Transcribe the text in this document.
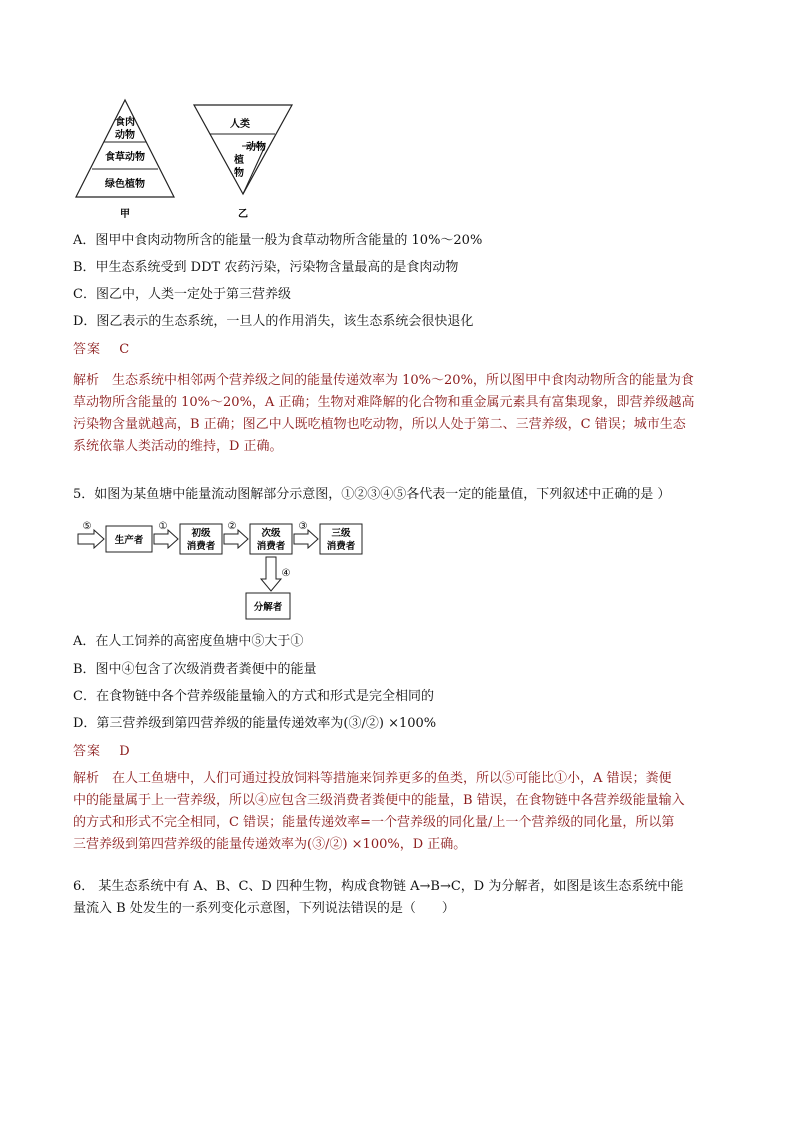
食肉
动物
食草动物
绿色植物
甲
人类
动物
植
物
乙
A．图甲中食肉动物所含的能量一般为食草动物所含能量的 10%～20%
B．甲生态系统受到 DDT 农药污染，污染物含量最高的是食肉动物
C．图乙中，人类一定处于第三营养级
D．图乙表示的生态系统，一旦人的作用消失，该生态系统会很快退化
答案 C

解析　生态系统中相邻两个营养级之间的能量传递效率为 10%～20%，所以图甲中食肉动物所含的能量为食

草动物所含能量的 10%～20%，A 正确；生物对难降解的化合物和重金属元素具有富集现象，即营养级越高

污染物含量就越高，B 正确；图乙中人既吃植物也吃动物，所以人处于第二、三营养级，C 错误；城市生态

系统依靠人类活动的维持，D 正确。

5．如图为某鱼塘中能量流动图解部分示意图，①②③④⑤各代表一定的能量值，下列叙述中正确的是 ）
⑤
生产者
①
初级
消费者
②
次级
消费者
③
三级
消费者
④
分解者
A．在人工饲养的高密度鱼塘中⑤大于①
B．图中④包含了次级消费者粪便中的能量
C．在食物链中各个营养级能量输入的方式和形式是完全相同的
D．第三营养级到第四营养级的能量传递效率为(③/②) ×100%
答案 D

解析　在人工鱼塘中，人们可通过投放饲料等措施来饲养更多的鱼类，所以⑤可能比①小，A 错误；粪便

中的能量属于上一营养级，所以④应包含三级消费者粪便中的能量，B 错误，在食物链中各营养级能量输入

的方式和形式不完全相同，C 错误；能量传递效率=一个营养级的同化量/上一个营养级的同化量，所以第

三营养级到第四营养级的能量传递效率为(③/②) ×100%，D 正确。

6． 某生态系统中有 A、B、C、D 四种生物，构成食物链 A→B→C，D 为分解者，如图是该生态系统中能

量流入 B 处发生的一系列变化示意图，下列说法错误的是（　　）
